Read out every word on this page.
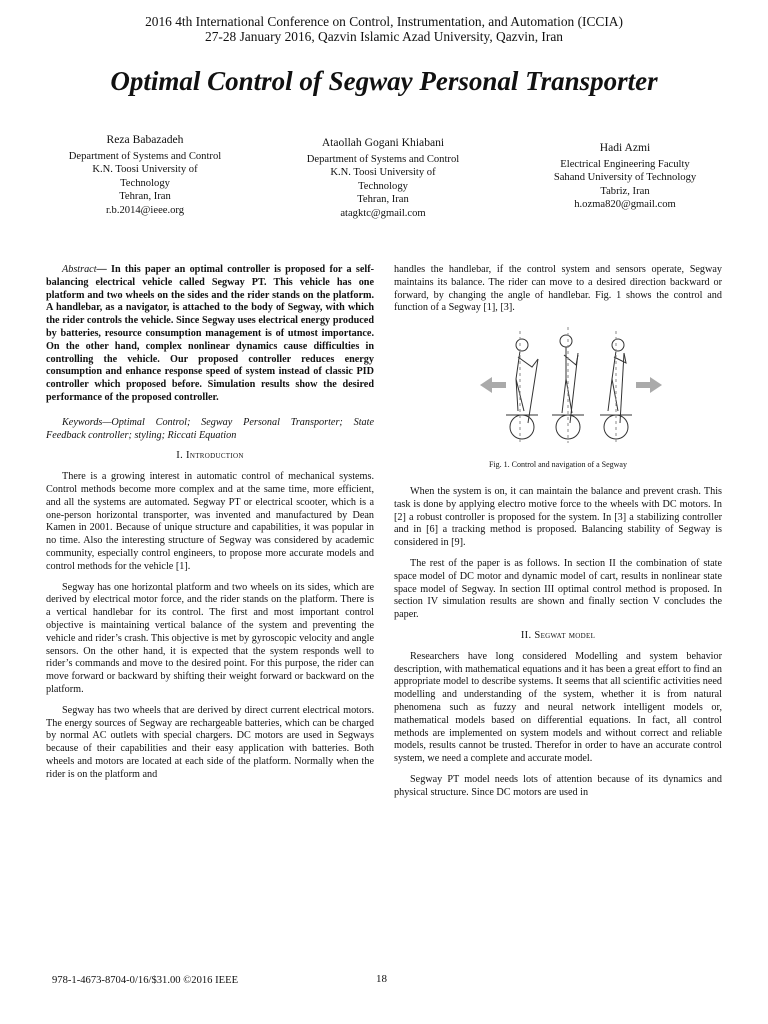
2016 4th International Conference on Control, Instrumentation, and Automation (ICCIA)
27-28 January 2016, Qazvin Islamic Azad University, Qazvin, Iran
Optimal Control of Segway Personal Transporter
Reza Babazadeh
Department of Systems and Control
K.N. Toosi University of
Technology
Tehran, Iran
r.b.2014@ieee.org
Ataollah Gogani Khiabani
Department of Systems and Control
K.N. Toosi University of
Technology
Tehran, Iran
atagktc@gmail.com
Hadi Azmi
Electrical Engineering Faculty
Sahand University of Technology
Tabriz, Iran
h.ozma820@gmail.com

Abstract— In this paper an optimal controller is proposed for a self-balancing electrical vehicle called Segway PT. This vehicle has one platform and two wheels on the sides and the rider stands on the platform. A handlebar, as a navigator, is attached to the body of Segway, with which the rider controls the vehicle. Since Segway uses electrical energy produced by batteries, resource consumption management is of utmost importance. On the other hand, complex nonlinear dynamics cause difficulties in controlling the vehicle. Our proposed controller reduces energy consumption and enhance response speed of system instead of classic PID controller which proposed before. Simulation results show the desired performance of the proposed controller.

Keywords—Optimal Control; Segway Personal Transporter; State Feedback controller; styling; Riccati Equation

I. Introduction

There is a growing interest in automatic control of mechanical systems. Control methods become more complex and at the same time, more efficient, and all the systems are automated. Segway PT or electrical scooter, which is a one-person horizontal transporter, was invented and manufactured by Dean Kamen in 2001. Because of unique structure and capabilities, it was popular in no time. Also the interesting structure of Segway was considered by academic community, especially control engineers, to propose more accurate models and control methods for the vehicle [1].

Segway has one horizontal platform and two wheels on its sides, which are derived by electrical motor force, and the rider stands on the platform. There is a vertical handlebar for its control. The first and most important control objective is maintaining vertical balance of the system and preventing the vehicle and rider’s crash. This objective is met by gyroscopic velocity and angle sensors. On the other hand, it is expected that the system responds well to rider’s commands and move to the desired point. For this purpose, the rider can move forward or backward by shifting their weight forward or backward on the platform.

Segway has two wheels that are derived by direct current electrical motors. The energy sources of Segway are rechargeable batteries, which can be charged by normal AC outlets with special chargers. DC motors are used in Segways because of their capabilities and their easy application with batteries. Both wheels and motors are located at each side of the platform. Normally when the rider is on the platform and

handles the handlebar, if the control system and sensors operate, Segway maintains its balance. The rider can move to a desired direction backward or forward, by changing the angle of handlebar. Fig. 1 shows the control and function of a Segway [1], [3].

Fig. 1. Control and navigation of a Segway

When the system is on, it can maintain the balance and prevent crash. This task is done by applying electro motive force to the wheels with DC motors. In [2] a robust controller is proposed for the system. In [3] a stabilizing controller and in [6] a tracking method is proposed. Balancing stability of Segway is considered in [9].

The rest of the paper is as follows. In section II the combination of state space model of DC motor and dynamic model of cart, results in nonlinear state space model of Segway. In section III optimal control method is proposed. In section IV simulation results are shown and finally section V concludes the paper.

II. Segwat model

Researchers have long considered Modelling and system behavior description, with mathematical equations and it has been a great effort to find an appropriate model to describe systems. It seems that all scientific activities need modelling and understanding of the system, whether it is from natural phenomena such as fuzzy and neural network intelligent models or, mathematical models based on differential equations. In fact, all control methods are implemented on system models and without correct and reliable models, results cannot be trusted. Therefor in order to have an accurate control system, we need a complete and accurate model.

Segway PT model needs lots of attention because of its dynamics and physical structure. Since DC motors are used in

978-1-4673-8704-0/16/$31.00 ©2016 IEEE	18
